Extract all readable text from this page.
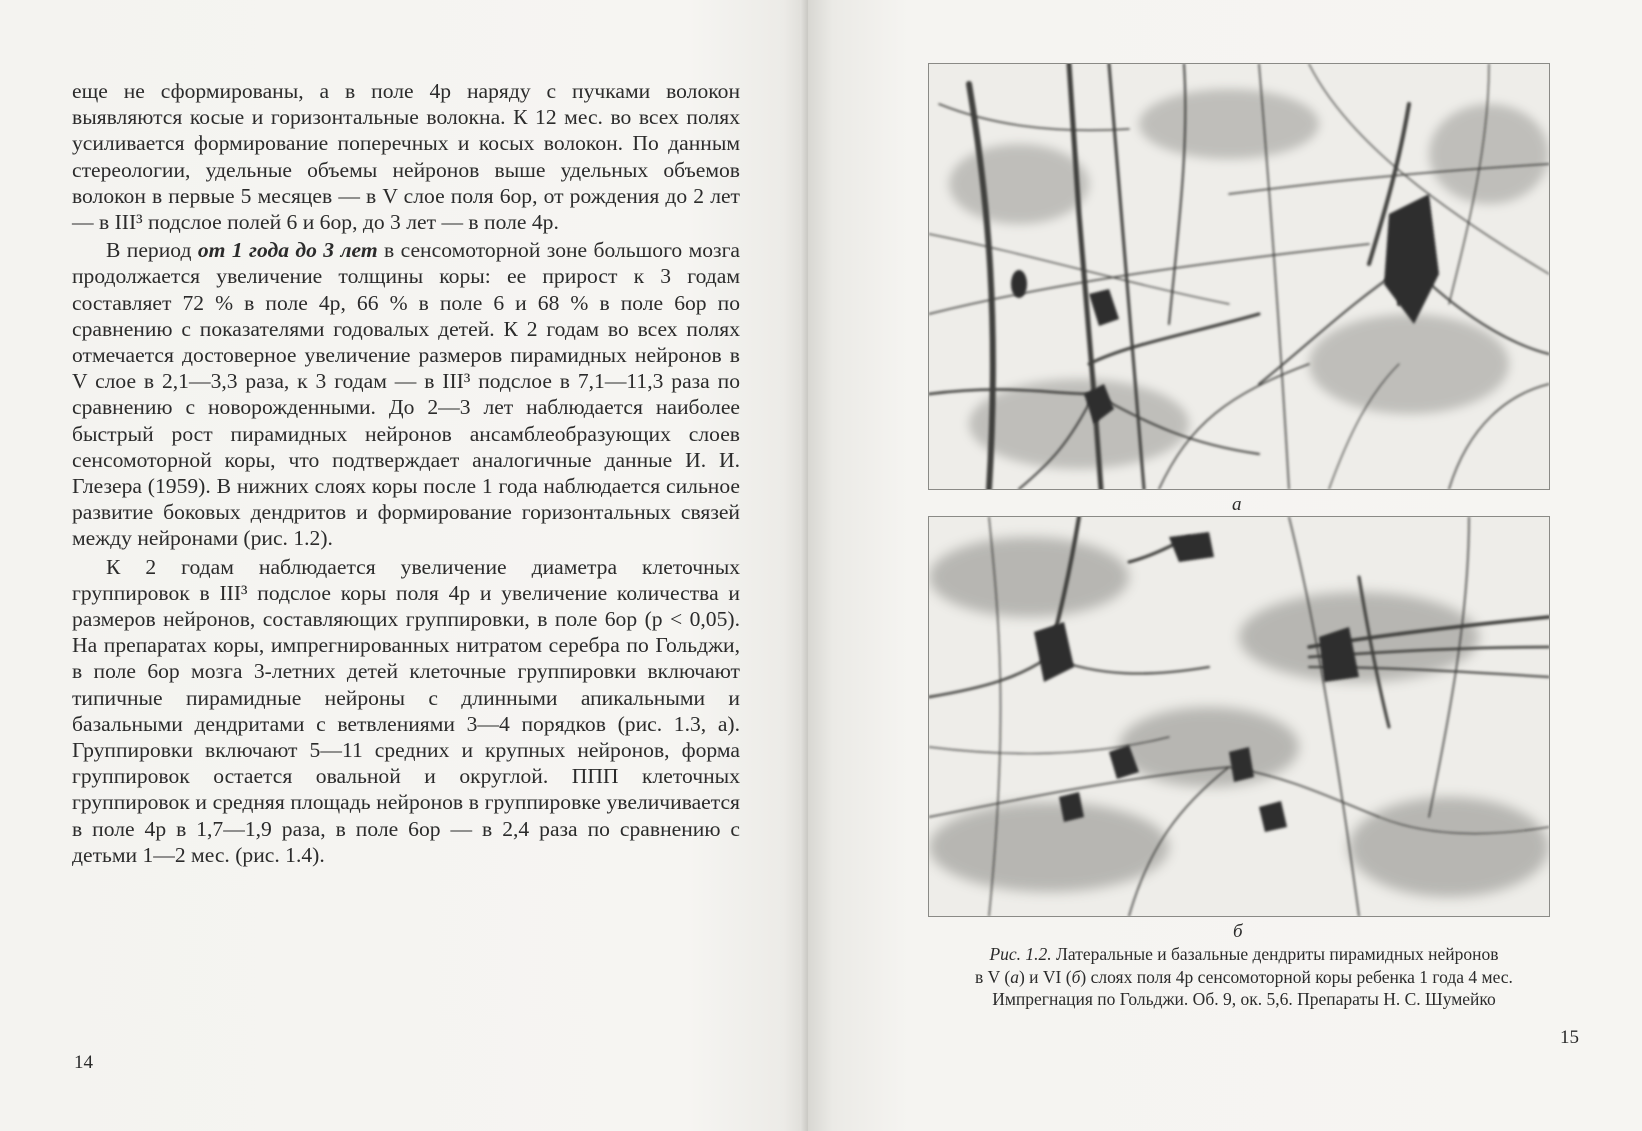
еще не сформированы, а в поле 4р наряду с пучками волокон выявляются косые и горизонтальные волокна. К 12 мес. во всех полях усиливается формирование поперечных и косых волокон. По данным стереологии, удельные объемы нейронов выше удельных объемов волокон в первые 5 месяцев — в V слое поля 6ор, от рождения до 2 лет — в III³ подслое полей 6 и 6ор, до 3 лет — в поле 4р.

В период от 1 года до 3 лет в сенсомоторной зоне большого мозга продолжается увеличение толщины коры: ее прирост к 3 годам составляет 72 % в поле 4р, 66 % в поле 6 и 68 % в поле 6ор по сравнению с показателями годовалых детей. К 2 годам во всех полях отмечается достоверное увеличение размеров пирамидных нейронов в V слое в 2,1—3,3 раза, к 3 годам — в III³ подслое в 7,1—11,3 раза по сравнению с новорожденными. До 2—3 лет наблюдается наиболее быстрый рост пирамидных нейронов ансамблеобразующих слоев сенсомоторной коры, что подтверждает аналогичные данные И. И. Глезера (1959). В нижних слоях коры после 1 года наблюдается сильное развитие боковых дендритов и формирование горизонтальных связей между нейронами (рис. 1.2).

К 2 годам наблюдается увеличение диаметра клеточных группировок в III³ подслое коры поля 4р и увеличение количества и размеров нейронов, составляющих группировки, в поле 6ор (р < 0,05). На препаратах коры, импрегнированных нитратом серебра по Гольджи, в поле 6ор мозга 3-летних детей клеточные группировки включают типичные пирамидные нейроны с длинными апикальными и базальными дендритами с ветвлениями 3—4 порядков (рис. 1.3, а). Группировки включают 5—11 средних и крупных нейронов, форма группировок остается овальной и округлой. ППП клеточных группировок и средняя площадь нейронов в группировке увеличивается в поле 4р в 1,7—1,9 раза, в поле 6ор — в 2,4 раза по сравнению с детьми 1—2 мес. (рис. 1.4).

14
а
б
Рис. 1.2. Латеральные и базальные дендриты пирамидных нейронов
в V (а) и VI (б) слоях поля 4р сенсомоторной коры ребенка 1 года 4 мес.
Импрегнация по Гольджи. Об. 9, ок. 5,6. Препараты Н. С. Шумейко
15
